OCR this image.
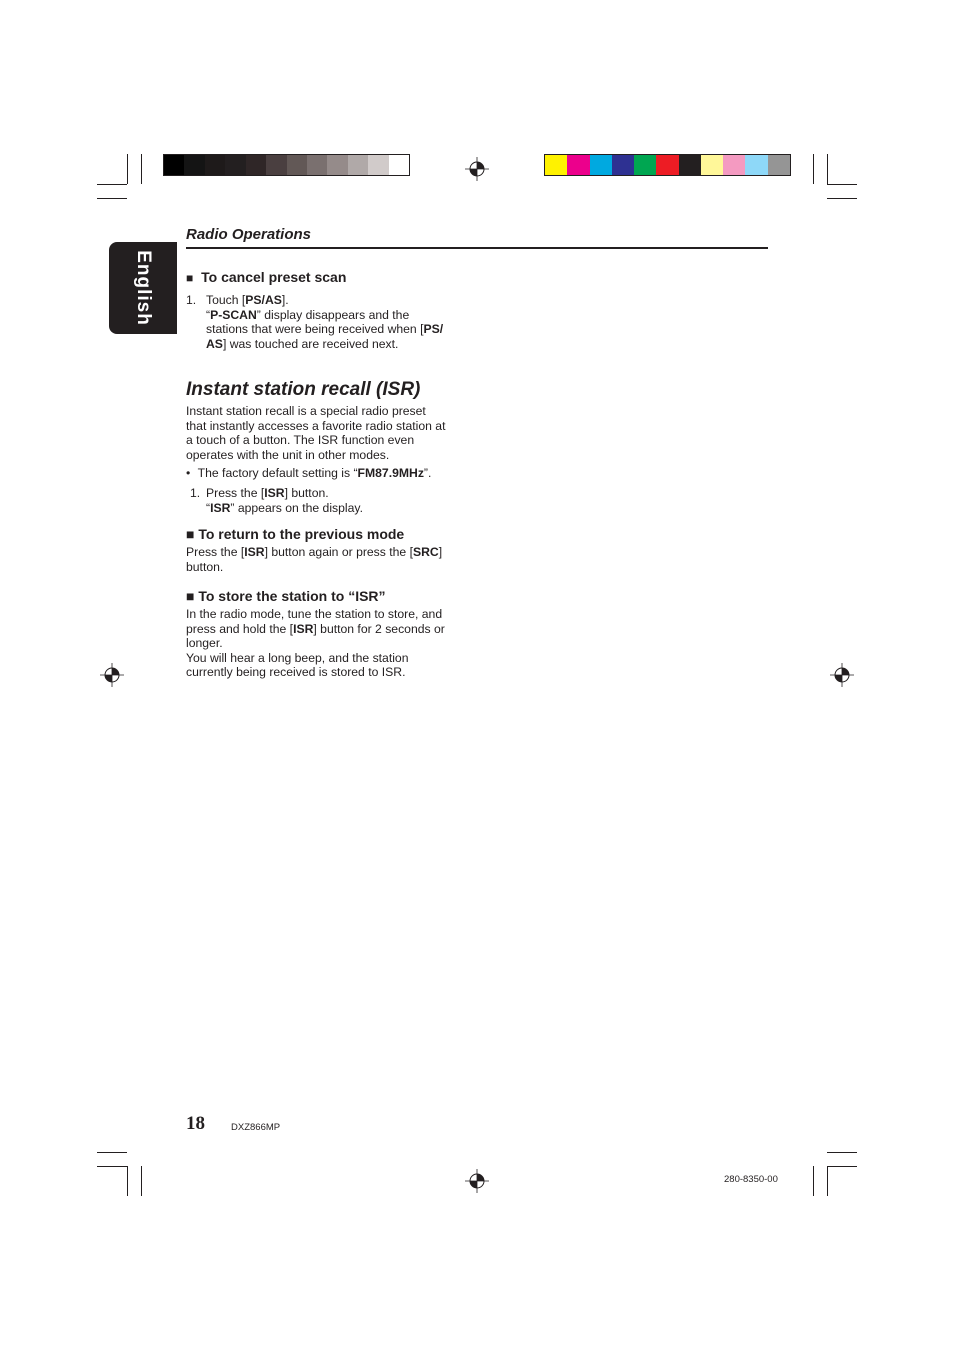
English
Radio Operations
■ To cancel preset scan
1. Touch [PS/AS].
“P-SCAN” display disappears and the
stations that were being received when [PS/
AS] was touched are received next.
Instant station recall (ISR)
Instant station recall is a special radio preset
that instantly accesses a favorite radio station at
a touch of a button. The ISR function even
operates with the unit in other modes.
• The factory default setting is “FM87.9MHz”.
1. Press the [ISR] button.
“ISR” appears on the display.
■ To return to the previous mode
Press the [ISR] button again or press the [SRC]
button.
■ To store the station to “ISR”
In the radio mode, tune the station to store, and
press and hold the [ISR] button for 2 seconds or
longer.
You will hear a long beep, and the station
currently being received is stored to ISR.
18	DXZ866MP
280-8350-00
